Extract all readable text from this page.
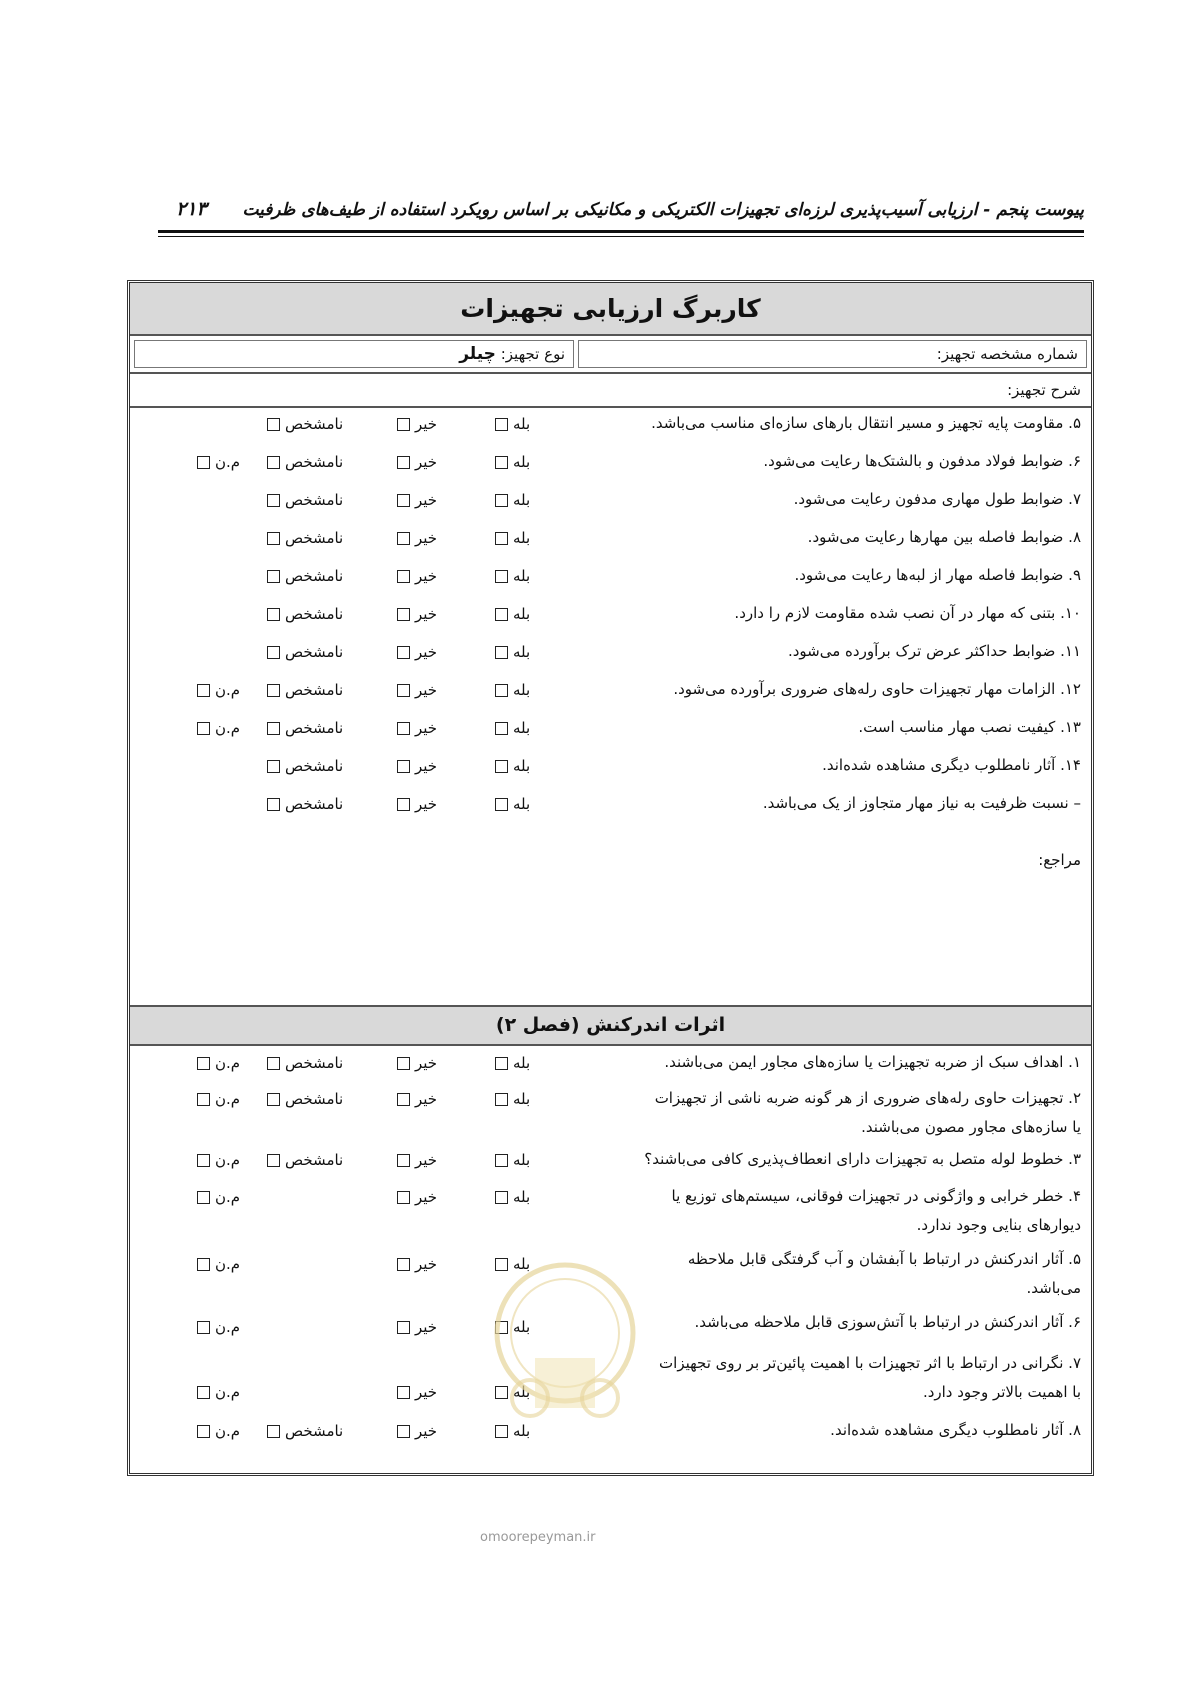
پیوست پنجم - ارزیابی آسیب‌پذیری لرزه‌ای تجهیزات الکتریکی و مکانیکی بر اساس رویکرد استفاده از طیف‌های ظرفیت
۲۱۳
کاربرگ ارزیابی تجهیزات
نوع تجهیز: چیلر	شماره مشخصه تجهیز:
شرح تجهیز:
۵. مقاومت پایه تجهیز و مسیر انتقال بارهای سازه‌ای مناسب می‌باشد.
بله
خیر
نامشخص
۶. ضوابط فولاد مدفون و بالشتک‌ها رعایت می‌شود.
بله
خیر
نامشخص
م.ن
۷. ضوابط طول مهاری مدفون رعایت می‌شود.
بله
خیر
نامشخص
۸. ضوابط فاصله بین مهارها رعایت می‌شود.
بله
خیر
نامشخص
۹. ضوابط فاصله مهار از لبه‌ها رعایت می‌شود.
بله
خیر
نامشخص
۱۰. بتنی که مهار در آن نصب شده مقاومت لازم را دارد.
بله
خیر
نامشخص
۱۱. ضوابط حداکثر عرض ترک برآورده می‌شود.
بله
خیر
نامشخص
۱۲. الزامات مهار تجهیزات حاوی رله‌های ضروری برآورده می‌شود.
بله
خیر
نامشخص
م.ن
۱۳. کیفیت نصب مهار مناسب است.
بله
خیر
نامشخص
م.ن
۱۴. آثار نامطلوب دیگری مشاهده شده‌اند.
بله
خیر
نامشخص
– نسبت ظرفیت به نیاز مهار متجاوز از یک می‌باشد.
بله
خیر
نامشخص
مراجع:
اثرات اندرکنش (فصل ۲)
۱. اهداف سبک از ضربه تجهیزات یا سازه‌های مجاور ایمن می‌باشند.
بله
خیر
نامشخص
م.ن
۲. تجهیزات حاوی رله‌های ضروری از هر گونه ضربه ناشی از تجهیزات یا سازه‌های مجاور مصون می‌باشند.
بله
خیر
نامشخص
م.ن
۳. خطوط لوله متصل به تجهیزات دارای انعطاف‌پذیری کافی می‌باشند؟
بله
خیر
نامشخص
م.ن
۴. خطر خرابی و واژگونی در تجهیزات فوقانی، سیستم‌های توزیع یا دیوارهای بنایی وجود ندارد.
بله
خیر
م.ن
۵. آثار اندرکنش در ارتباط با آبفشان و آب گرفتگی قابل ملاحظه می‌باشد.
بله
خیر
م.ن
۶. آثار اندرکنش در ارتباط با آتش‌سوزی قابل ملاحظه می‌باشد.
بله
خیر
م.ن
۷. نگرانی در ارتباط با اثر تجهیزات با اهمیت پائین‌تر بر روی تجهیزات با اهمیت بالاتر وجود دارد.
بله
خیر
م.ن
۸. آثار نامطلوب دیگری مشاهده شده‌اند.
بله
خیر
نامشخص
م.ن
omoorepeyman.ir
